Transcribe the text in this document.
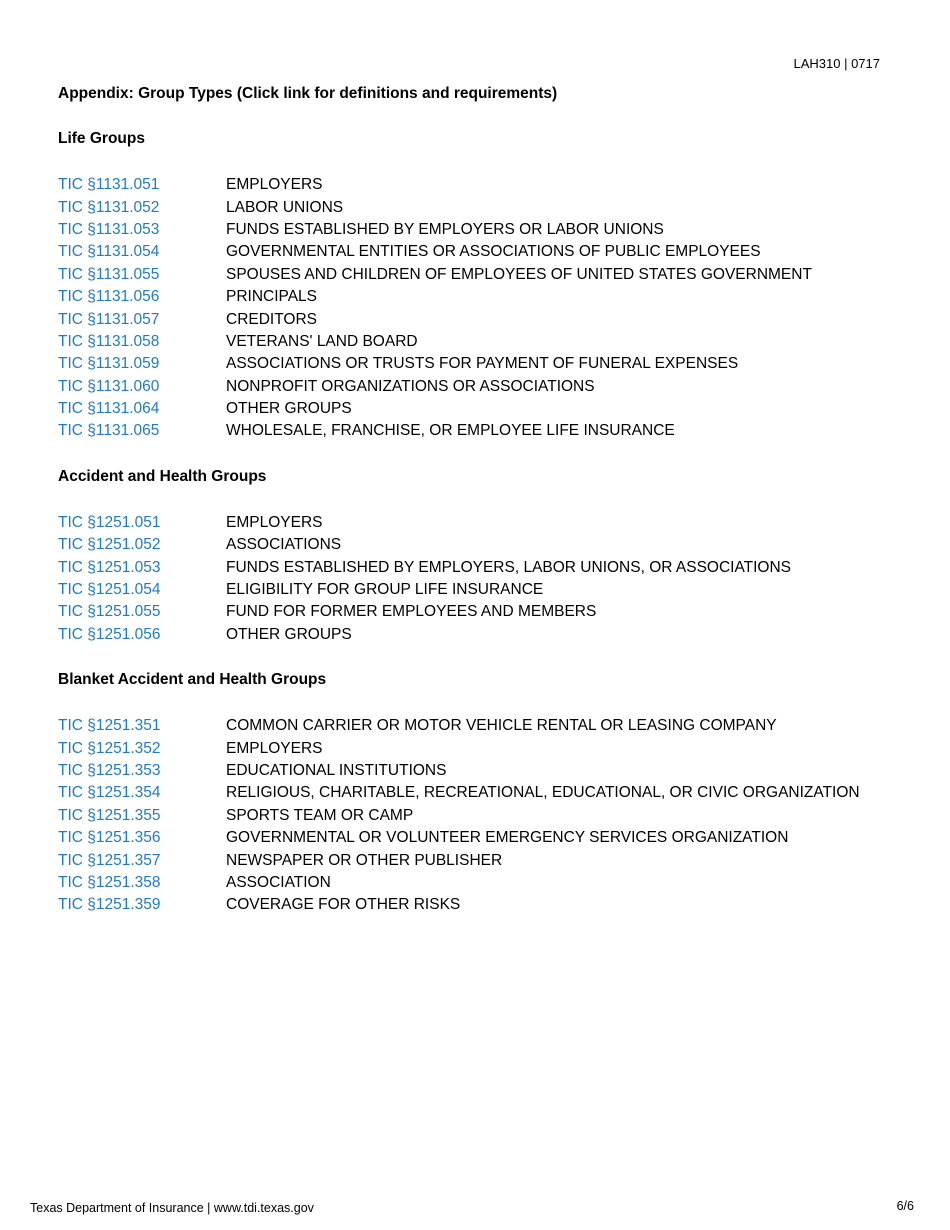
LAH310 | 0717
Appendix: Group Types (Click link for definitions and requirements)
Life Groups
TIC §1131.051	EMPLOYERS
TIC §1131.052	LABOR UNIONS
TIC §1131.053	FUNDS ESTABLISHED BY EMPLOYERS OR LABOR UNIONS
TIC §1131.054	GOVERNMENTAL ENTITIES OR ASSOCIATIONS OF PUBLIC EMPLOYEES
TIC §1131.055	SPOUSES AND CHILDREN OF EMPLOYEES OF UNITED STATES GOVERNMENT
TIC §1131.056	PRINCIPALS
TIC §1131.057	CREDITORS
TIC §1131.058	VETERANS' LAND BOARD
TIC §1131.059	ASSOCIATIONS OR TRUSTS FOR PAYMENT OF FUNERAL EXPENSES
TIC §1131.060	NONPROFIT ORGANIZATIONS OR ASSOCIATIONS
TIC §1131.064	OTHER GROUPS
TIC §1131.065	WHOLESALE, FRANCHISE, OR EMPLOYEE LIFE INSURANCE
Accident and Health Groups
TIC §1251.051	EMPLOYERS
TIC §1251.052	ASSOCIATIONS
TIC §1251.053	FUNDS ESTABLISHED BY EMPLOYERS, LABOR UNIONS, OR ASSOCIATIONS
TIC §1251.054	ELIGIBILITY FOR GROUP LIFE INSURANCE
TIC §1251.055	FUND FOR FORMER EMPLOYEES AND MEMBERS
TIC §1251.056	OTHER GROUPS
Blanket Accident and Health Groups
TIC §1251.351	COMMON CARRIER OR MOTOR VEHICLE RENTAL OR LEASING COMPANY
TIC §1251.352	EMPLOYERS
TIC §1251.353	EDUCATIONAL INSTITUTIONS
TIC §1251.354	RELIGIOUS, CHARITABLE, RECREATIONAL, EDUCATIONAL, OR CIVIC ORGANIZATION
TIC §1251.355	SPORTS TEAM OR CAMP
TIC §1251.356	GOVERNMENTAL OR VOLUNTEER EMERGENCY SERVICES ORGANIZATION
TIC §1251.357	NEWSPAPER OR OTHER PUBLISHER
TIC §1251.358	ASSOCIATION
TIC §1251.359	COVERAGE FOR OTHER RISKS
Texas Department of Insurance | www.tdi.texas.gov	6/6
